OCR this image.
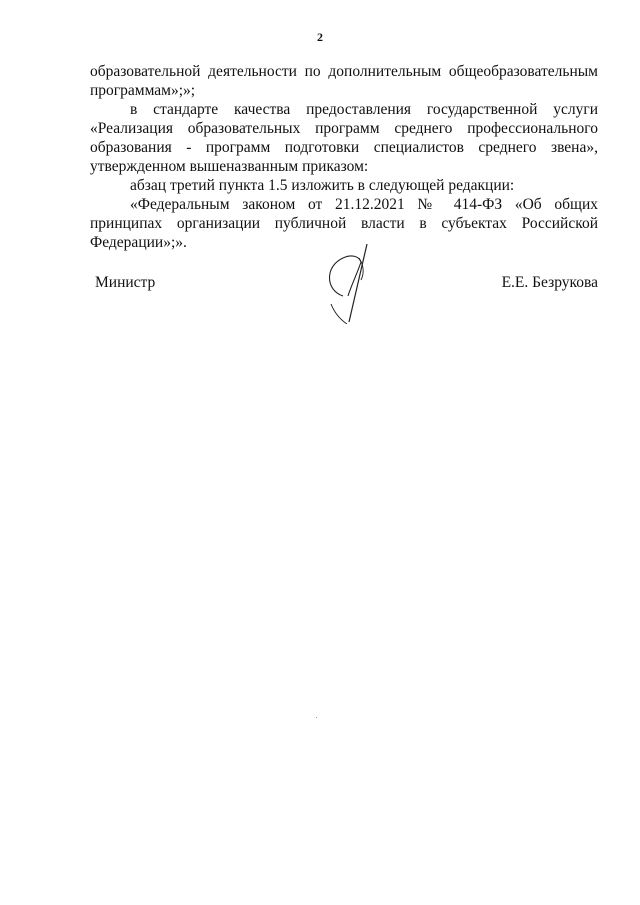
2

образовательной деятельности по дополнительным общеобразовательным программам»;»;

в стандарте качества предоставления государственной услуги «Реализация образовательных программ среднего профессионального образования - программ подготовки специалистов среднего звена», утвержденном вышеназванным приказом:

абзац третий пункта 1.5 изложить в следующей редакции:

«Федеральным законом от 21.12.2021 № 414-ФЗ «Об общих принципах организации публичной власти в субъектах Российской Федерации»;».

Министр	Е.Е. Безрукова
